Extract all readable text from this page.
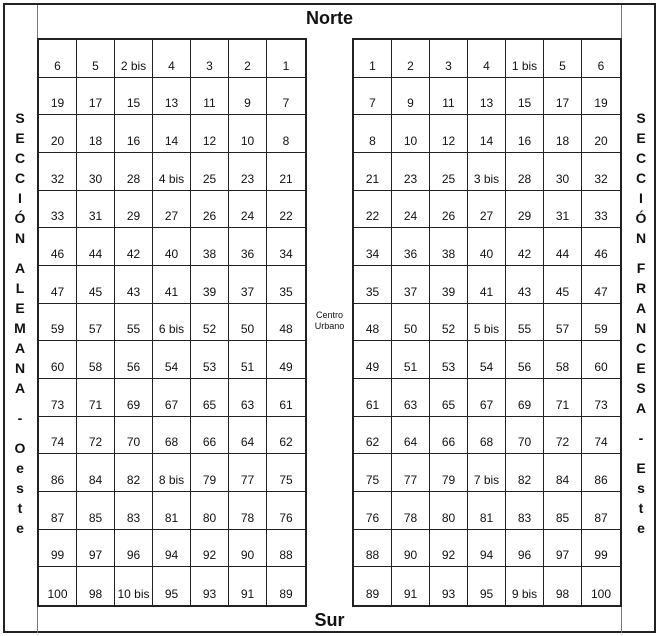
Norte
Sur
S
E
C
C
I
Ó
N
A
L
E
M
A
N
A
-
O
e
s
t
e
S
E
C
C
I
Ó
N
F
R
A
N
C
E
S
A
-
E
s
t
e
6	5	2 bis	4	3	2	1
19	17	15	13	11	9	7
20	18	16	14	12	10	8
32	30	28	4 bis	25	23	21
33	31	29	27	26	24	22
46	44	42	40	38	36	34
47	45	43	41	39	37	35
59	57	55	6 bis	52	50	48
60	58	56	54	53	51	49
73	71	69	67	65	63	61
74	72	70	68	66	64	62
86	84	82	8 bis	79	77	75
87	85	83	81	80	78	76
99	97	96	94	92	90	88
100	98	10 bis	95	93	91	89
1	2	3	4	1 bis	5	6
7	9	11	13	15	17	19
8	10	12	14	16	18	20
21	23	25	3 bis	28	30	32
22	24	26	27	29	31	33
34	36	38	40	42	44	46
35	37	39	41	43	45	47
48	50	52	5 bis	55	57	59
49	51	53	54	56	58	60
61	63	65	67	69	71	73
62	64	66	68	70	72	74
75	77	79	7 bis	82	84	86
76	78	80	81	83	85	87
88	90	92	94	96	97	99
89	91	93	95	9 bis	98	100
Centro Urbano
